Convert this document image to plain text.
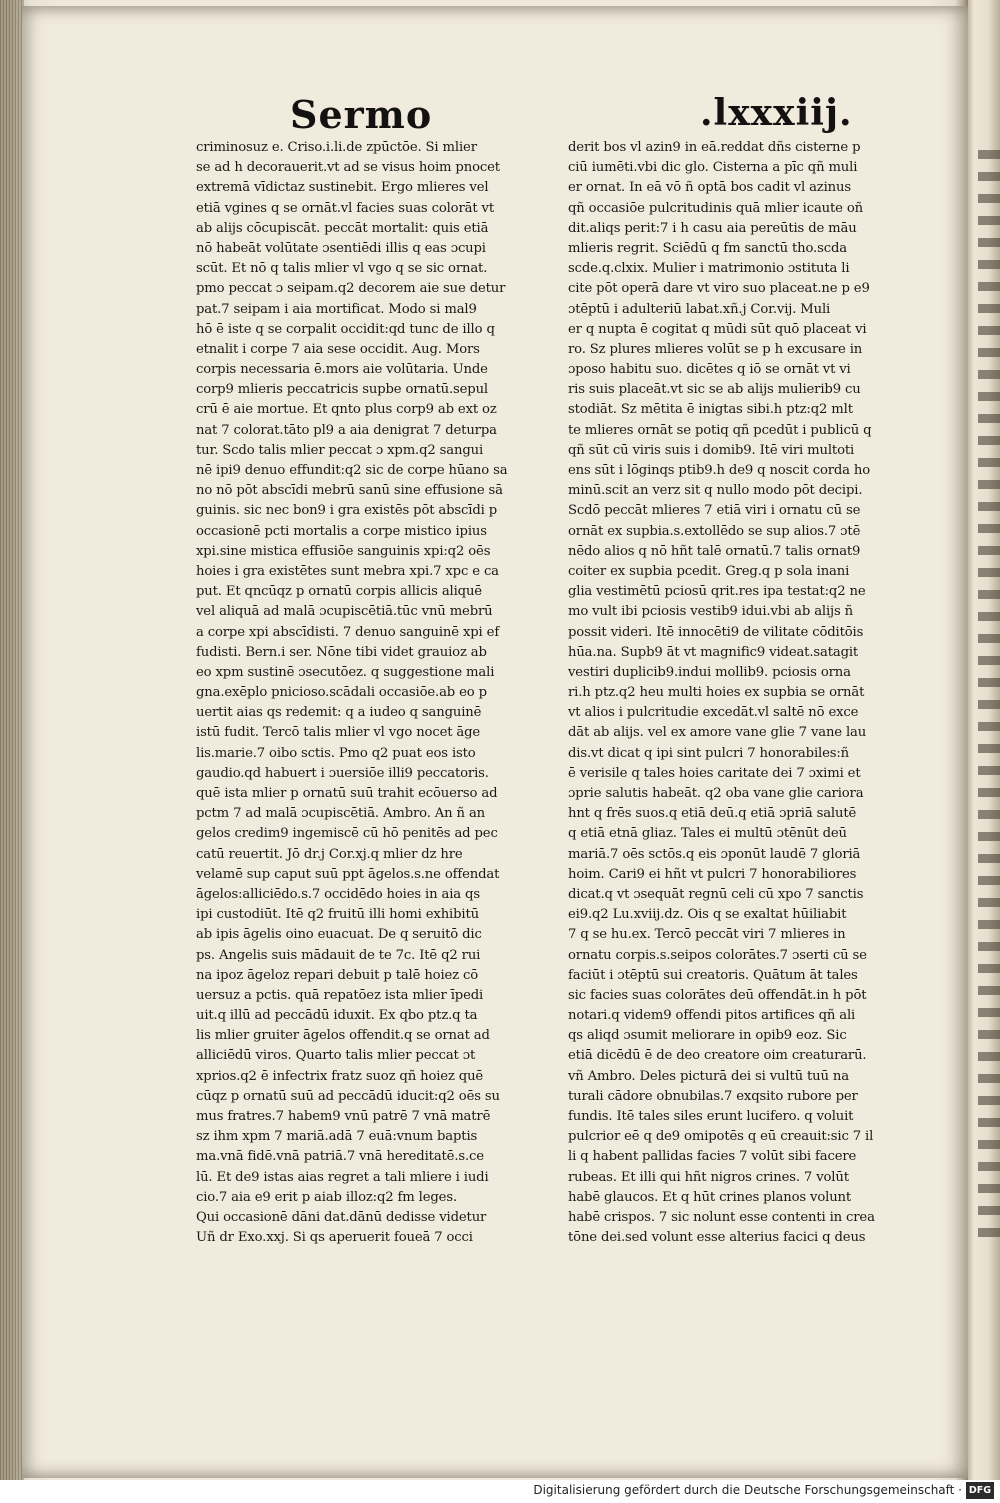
Sermo	.lxxxiij.
criminosuz e. Criso.i.li.de zpūctōe. Si mlier
se ad h decorauerit.vt ad se visus hoim pnocet
extremā vīdictaz sustinebit. Ergo mlieres vel
etiā vgines q se ornāt.vl facies suas colorāt vt
ab alijs cōcupiscāt. peccāt mortalit: quis etiā
nō habeāt volūtate ɔsentiēdi illis q eas ɔcupi
scūt. Et nō q talis mlier vl vgo q se sic ornat.
pmo peccat ɔ seipam.q2 decorem aie sue detur
pat.7 seipam i aia mortificat. Modo si mal9
hō ē iste q se corpalit occidit:qd tunc de illo q
etnalit i corpe 7 aia sese occidit. Aug. Mors
corpis necessaria ē.mors aie volūtaria. Unde
corp9 mlieris peccatricis supbe ornatū.sepul
crū ē aie mortue. Et qnto plus corp9 ab ext oz
nat 7 colorat.tāto pl9 a aia denigrat 7 deturpa
tur. Scdo talis mlier peccat ɔ xpm.q2 sangui
nē ipi9 denuo effundit:q2 sic de corpe hūano sa
no nō pōt abscīdi mebrū sanū sine effusione sā
guinis. sic nec bon9 i gra existēs pōt abscīdi p
occasionē pcti mortalis a corpe mistico ipius
xpi.sine mistica effusiōe sanguinis xpi:q2 oēs
hoies i gra existētes sunt mebra xpi.7 xpc e ca
put. Et qncūqz p ornatū corpis allicis aliquē
vel aliquā ad malā ɔcupiscētiā.tūc vnū mebrū
a corpe xpi abscīdisti. 7 denuo sanguinē xpi ef
fudisti. Bern.i ser. Nōne tibi videt grauioz ab
eo xpm sustinē ɔsecutōez. q suggestione mali
gna.exēplo pnicioso.scādali occasiōe.ab eo p
uertit aias qs redemit: q a iudeo q sanguinē
istū fudit. Tercō talis mlier vl vgo nocet āge
lis.marie.7 oibo sctis. Pmo q2 puat eos isto
gaudio.qd habuert i ɔuersiōe illi9 peccatoris.
quē ista mlier p ornatū suū trahit ecōuerso ad
pctm 7 ad malā ɔcupiscētiā. Ambro. An ñ an
gelos credim9 ingemiscē cū hō penitēs ad pec
catū reuertit. Jō dr.j Cor.xj.q mlier dz hre
velamē sup caput suū ppt āgelos.s.ne offendat
āgelos:alliciēdo.s.7 occidēdo hoies in aia qs
ipi custodiūt. Itē q2 fruitū illi homi exhibitū
ab ipis āgelis oino euacuat. De q seruitō dic
ps. Angelis suis mādauit de te 7c. Itē q2 rui
na ipoz āgeloz repari debuit p talē hoiez cō
uersuz a pctis. quā repatōez ista mlier īpedi
uit.q illū ad peccādū iduxit. Ex qbo ptz.q ta
lis mlier gruiter āgelos offendit.q se ornat ad
alliciēdū viros. Quarto talis mlier peccat ɔt
xprios.q2 ē infectrix fratz suoz qñ hoiez quē
cūqz p ornatū suū ad peccādū iducit:q2 oēs su
mus fratres.7 habem9 vnū patrē 7 vnā matrē
sz ihm xpm 7 mariā.adā 7 euā:vnum baptis
ma.vnā fidē.vnā patriā.7 vnā hereditatē.s.ce
lū. Et de9 istas aias regret a tali mliere i iudi
cio.7 aia e9 erit p aiab illoz:q2 fm leges.
Qui occasionē dāni dat.dānū dedisse videtur
Uñ dr Exo.xxj. Si qs aperuerit foueā 7 occi
derit bos vl azin9 in eā.reddat dñs cisterne p
ciū iumēti.vbi dic glo. Cisterna a pīc qñ muli
er ornat. In eā vō ñ optā bos cadit vl azinus
qñ occasiōe pulcritudinis quā mlier icaute oñ
dit.aliqs perit:7 i h casu aia pereūtis de māu
mlieris regrit. Sciēdū q fm sanctū tho.scda
scde.q.clxix. Mulier i matrimonio ɔstituta li
cite pōt operā dare vt viro suo placeat.ne p e9
ɔtēptū i adulteriū labat.xñ.j Cor.vij. Muli
er q nupta ē cogitat q mūdi sūt quō placeat vi
ro. Sz plures mlieres volūt se p h excusare in
ɔposo habitu suo. dicētes q iō se ornāt vt vi
ris suis placeāt.vt sic se ab alijs mulierib9 cu
stodiāt. Sz mētita ē inigtas sibi.h ptz:q2 mlt
te mlieres ornāt se potiq qñ pcedūt i publicū q
qñ sūt cū viris suis i domib9. Itē viri multoti
ens sūt i lōginqs ptib9.h de9 q noscit corda ho
minū.scit an verz sit q nullo modo pōt decipi.
Scdō peccāt mlieres 7 etiā viri i ornatu cū se
ornāt ex supbia.s.extollēdo se sup alios.7 ɔtē
nēdo alios q nō hñt talē ornatū.7 talis ornat9
coiter ex supbia pcedit. Greg.q p sola inani
glia vestimētū pciosū qrit.res ipa testat:q2 ne
mo vult ibi pciosis vestib9 idui.vbi ab alijs ñ
possit videri. Itē innocēti9 de vilitate cōditōis
hūa.na. Supb9 āt vt magnific9 videat.satagit
vestiri duplicib9.indui mollib9. pciosis orna
ri.h ptz.q2 heu multi hoies ex supbia se ornāt
vt alios i pulcritudie excedāt.vl saltē nō exce
dāt ab alijs. vel ex amore vane glie 7 vane lau
dis.vt dicat q ipi sint pulcri 7 honorabiles:ñ
ē verisile q tales hoies caritate dei 7 ɔximi et
ɔprie salutis habeāt. q2 oba vane glie cariora
hnt q frēs suos.q etiā deū.q etiā ɔpriā salutē
q etiā etnā gliaz. Tales ei multū ɔtēnūt deū
mariā.7 oēs sctōs.q eis ɔponūt laudē 7 gloriā
hoim. Cari9 ei hñt vt pulcri 7 honorabiliores
dicat.q vt ɔsequāt regnū celi cū xpo 7 sanctis
ei9.q2 Lu.xviij.dz. Ois q se exaltat hūiliabit
7 q se hu.ex. Tercō peccāt viri 7 mlieres in
ornatu corpis.s.seipos colorātes.7 ɔserti cū se
faciūt i ɔtēptū sui creatoris. Quātum āt tales
sic facies suas colorātes deū offendāt.in h pōt
notari.q videm9 offendi pitos artifices qñ ali
qs aliqd ɔsumit meliorare in opib9 eoz. Sic
etiā dicēdū ē de deo creatore oim creaturarū.
vñ Ambro. Deles picturā dei si vultū tuū na
turali cādore obnubilas.7 exqsito rubore per
fundis. Itē tales siles erunt lucifero. q voluit
pulcrior eē q de9 omipotēs q eū creauit:sic 7 il
li q habent pallidas facies 7 volūt sibi facere
rubeas. Et illi qui hñt nigros crines. 7 volūt
habē glaucos. Et q hūt crines planos volunt
habē crispos. 7 sic nolunt esse contenti in crea
tōne dei.sed volunt esse alterius facici q deus
Digitalisierung gefördert durch die Deutsche Forschungsgemeinschaft · DFG
